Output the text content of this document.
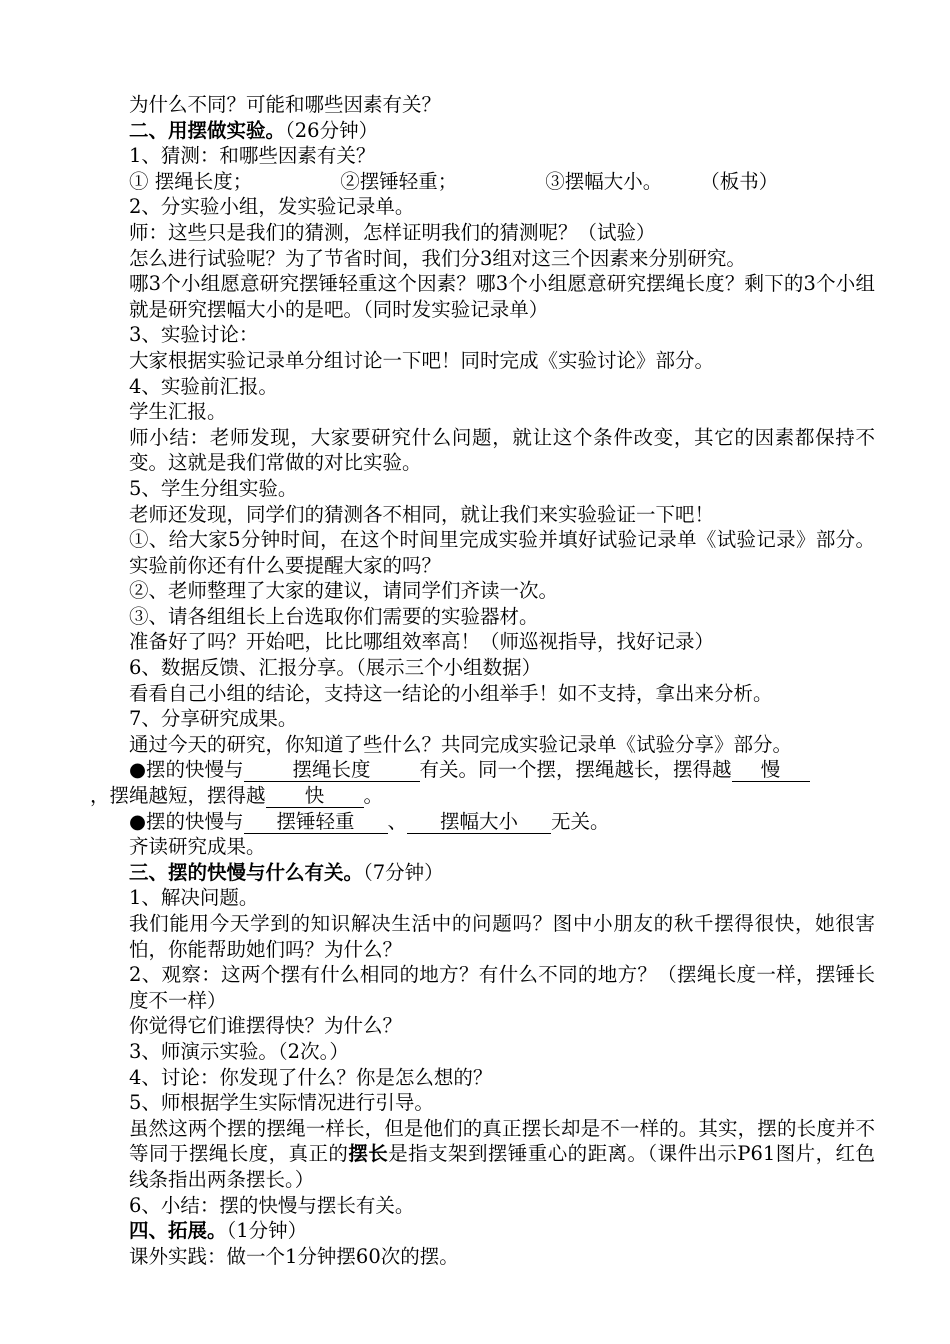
为什么不同？可能和哪些因素有关？

二、用摆做实验。（26分钟）

1、猜测：和哪些因素有关？

① 摆绳长度；	②摆锤轻重；	③摆幅大小。 （板书）

2、分实验小组，发实验记录单。

师：这些只是我们的猜测，怎样证明我们的猜测呢？（试验）

怎么进行试验呢？为了节省时间，我们分3组对这三个因素来分别研究。

哪3个小组愿意研究摆锤轻重这个因素？哪3个小组愿意研究摆绳长度？剩下的3个小组就是研究摆幅大小的是吧。（同时发实验记录单）

3、实验讨论：

大家根据实验记录单分组讨论一下吧！同时完成《实验讨论》部分。

4、实验前汇报。

学生汇报。

师小结：老师发现，大家要研究什么问题，就让这个条件改变，其它的因素都保持不变。这就是我们常做的对比实验。

5、学生分组实验。

老师还发现，同学们的猜测各不相同，就让我们来实验验证一下吧！

①、给大家5分钟时间，在这个时间里完成实验并填好试验记录单《试验记录》部分。实验前你还有什么要提醒大家的吗？

②、老师整理了大家的建议，请同学们齐读一次。

③、请各组组长上台选取你们需要的实验器材。

准备好了吗？开始吧，比比哪组效率高！（师巡视指导，找好记录）

6、数据反馈、汇报分享。（展示三个小组数据）

看看自己小组的结论，支持这一结论的小组举手！如不支持，拿出来分析。

7、分享研究成果。

通过今天的研究，你知道了些什么？共同完成实验记录单《试验分享》部分。

●摆的快慢与	摆绳长度	有关。同一个摆，摆绳越长，摆得越 慢

，摆绳越短，摆得越 快 。

●摆的快慢与 摆锤轻重 、 摆幅大小 无关。

齐读研究成果。

三、摆的快慢与什么有关。（7分钟）

1、解决问题。

我们能用今天学到的知识解决生活中的问题吗？图中小朋友的秋千摆得很快，她很害怕，你能帮助她们吗？为什么？

2、观察：这两个摆有什么相同的地方？有什么不同的地方？（摆绳长度一样，摆锤长度不一样）

你觉得它们谁摆得快？为什么？

3、师演示实验。（2次。）

4、讨论：你发现了什么？你是怎么想的？

5、师根据学生实际情况进行引导。

虽然这两个摆的摆绳一样长，但是他们的真正摆长却是不一样的。其实，摆的长度并不等同于摆绳长度，真正的摆长是指支架到摆锤重心的距离。（课件出示P61图片，红色线条指出两条摆长。）

6、小结：摆的快慢与摆长有关。

四、拓展。（1分钟）

课外实践：做一个1分钟摆60次的摆。
